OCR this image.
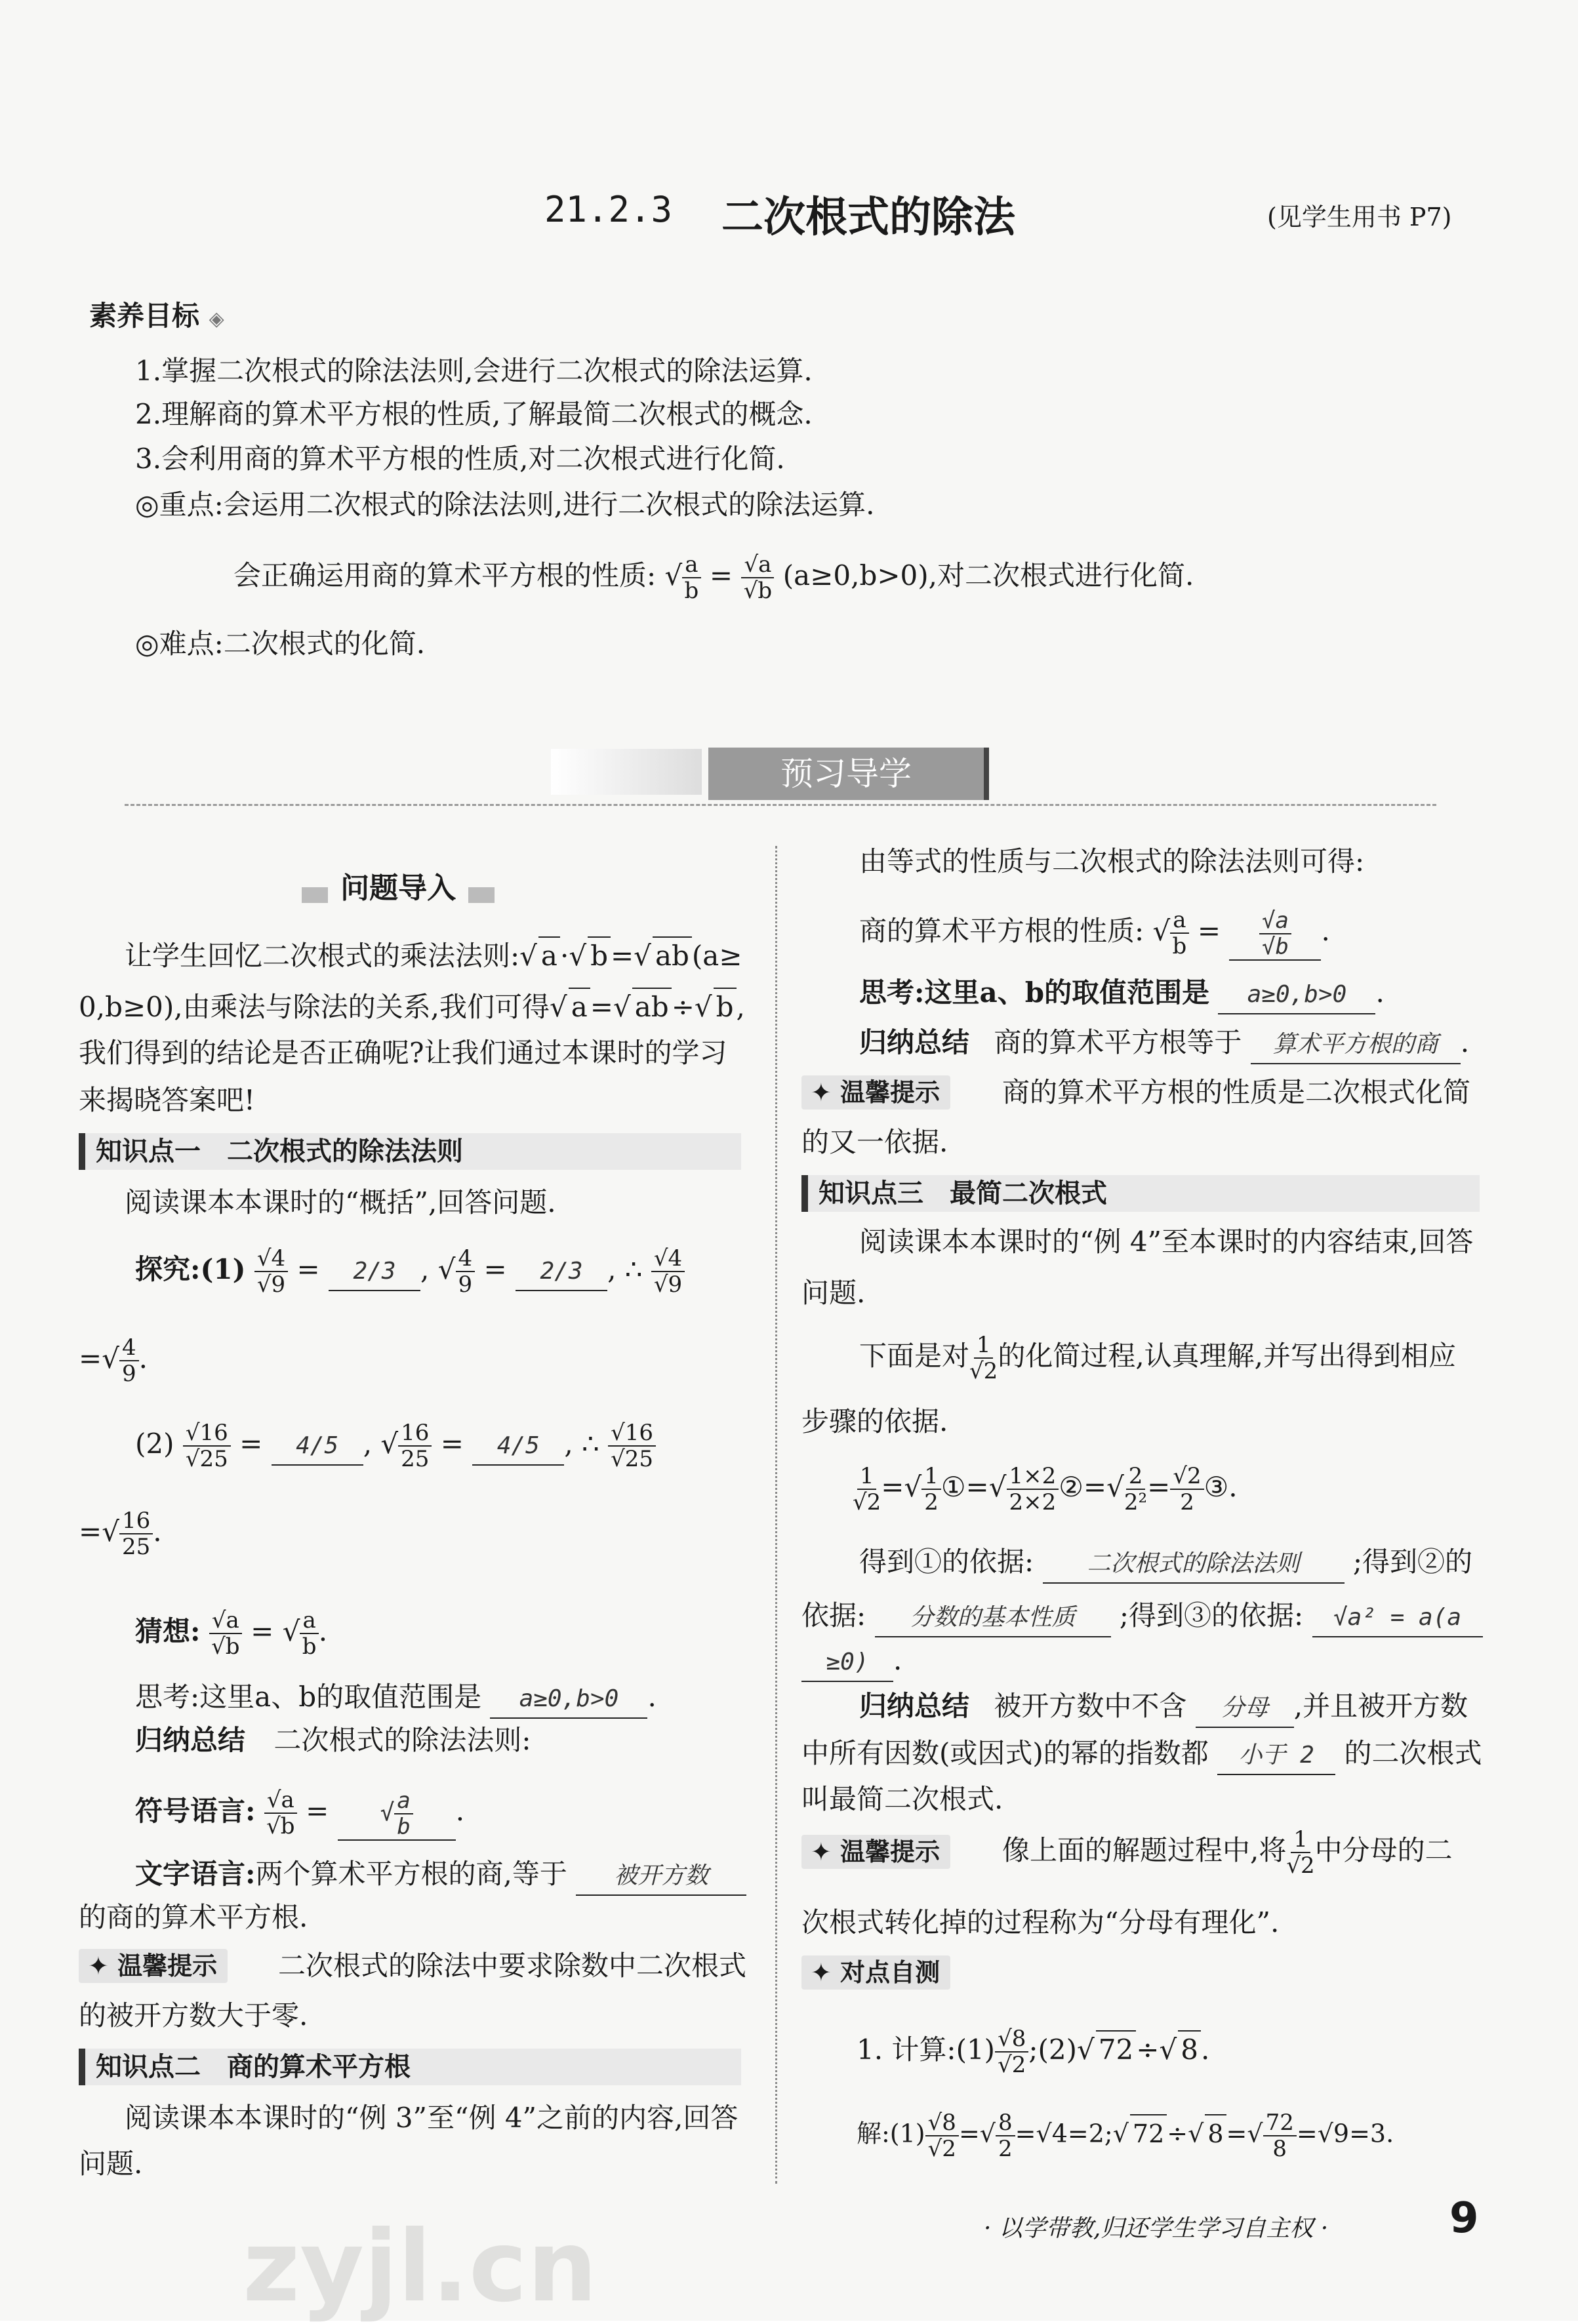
21.2.3 二次根式的除法	(见学生用书 P7)
素养目标 ◈
1.掌握二次根式的除法法则,会进行二次根式的除法运算.
2.理解商的算术平方根的性质,了解最简二次根式的概念.
3.会利用商的算术平方根的性质,对二次根式进行化简.
◎重点:会运用二次根式的除法法则,进行二次根式的除法运算.
会正确运用商的算术平方根的性质: √ $\frac{a}{b} = \frac{√a}{√b} (a\ge 0,b>0)$,对二次根式进行化简.
◎难点:二次根式的化简.
预习导学
问题导入
让学生回忆二次根式的乘法法则:√ a·√ b=√ ab(a≥
0,b≥0),由乘法与除法的关系,我们可得√ a=√ ab÷√ b,
我们得到的结论是否正确呢?让我们通过本课时的学习
来揭晓答案吧!
知识点一　二次根式的除法法则
阅读课本本课时的“概括”,回答问题.
探究:(1) $\frac{√4}{√9} = 2/3$ , √ $\frac{4}{9} = 2/3$ , ∴ $\frac{√4}{√9}$
=√ $\frac{4}{9}$ .
$(2) \frac{√16}{√25} = 4/5$ , √ $\frac{16}{25} = 4/5$ , ∴ $\frac{√16}{√25}$
=√ $\frac{16}{25}$ .
猜想: $\frac{√a}{√b}$ = √ $\frac{a}{b}$ .
思考:这里a、b的取值范围是 a≥0,b>0 .
归纳总结 二次根式的除法法则:
符号语言: $\frac{√a}{√b}$ = √ $\frac{a}{b}$ .
文字语言:两个算术平方根的商,等于 被开方数
的商的算术平方根.
✦ 温馨提示	二次根式的除法中要求除数中二次根式
的被开方数大于零.
知识点二　商的算术平方根
阅读课本本课时的“例 3”至“例 4”之前的内容,回答
问题.
由等式的性质与二次根式的除法法则可得:
商的算术平方根的性质: √ $\frac{a}{b} = \frac{√a}{√b}$ .
思考:这里a、b的取值范围是 a≥0,b>0 .
归纳总结 商的算术平方根等于 算术平方根的商 .
✦ 温馨提示	商的算术平方根的性质是二次根式化简
的又一依据.
知识点三　最简二次根式
阅读课本本课时的“例 4”至本课时的内容结束,回答
问题.
下面是对 $\frac{1}{√2}$ 的化简过程,认真理解,并写出得到相应
步骤的依据.
$\frac{1}{√2}$ =√ $\frac{1}{2}$ ①=√ $\frac{1\times 2}{2\times 2}$ ②=√ $\frac{2}{\text{2²}} = \frac{√2}{2}$ ③.
得到①的依据: 二次根式的除法法则 ;得到②的
依据: 分数的基本性质 ;得到③的依据: √a² = a(a
≥0) .
归纳总结 被开方数中不含 分母 ,并且被开方数
中所有因数(或因式)的幂的指数都 小于 2 的二次根式
叫最简二次根式.
✦ 温馨提示	像上面的解题过程中,将 $\frac{1}{√2}$ 中分母的二
次根式转化掉的过程称为“分母有理化”.
✦ 对点自测
1. 计算:(1) $\frac{√8}{√2}$ ;(2)√ 72÷√ 8.
解:(1) $\frac{√8}{√2}$ =√ $\frac{8}{2}$ =√4=2;√ 72 ÷√ 8 =√ $\frac{72}{8} =√9=3$.
zyjl.cn	· 以学带教,归还学生学习自主权 ·	9
